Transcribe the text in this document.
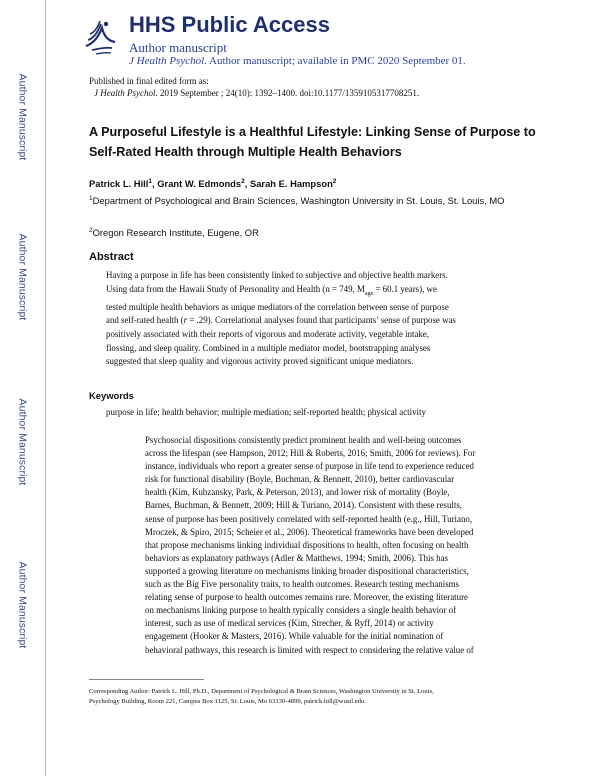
Author Manuscript
Author Manuscript
Author Manuscript
Author Manuscript
HHS Public Access
Author manuscript
J Health Psychol. Author manuscript; available in PMC 2020 September 01.
Published in final edited form as:
J Health Psychol. 2019 September ; 24(10): 1392–1400. doi:10.1177/1359105317708251.
A Purposeful Lifestyle is a Healthful Lifestyle: Linking Sense of Purpose to Self-Rated Health through Multiple Health Behaviors
Patrick L. Hill$^1$, Grant W. Edmonds$^2$, Sarah E. Hampson$^2$
$^1$Department of Psychological and Brain Sciences, Washington University in St. Louis, St. Louis, MO
$^2$Oregon Research Institute, Eugene, OR
Abstract
Having a purpose in life has been consistently linked to subjective and objective health markers.
Using data from the Hawaii Study of Personality and Health (n = 749, $M_{age} = 60.1$ years), we
tested multiple health behaviors as unique mediators of the correlation between sense of purpose
and self-rated health (r = .29). Correlational analyses found that participants’ sense of purpose was
positively associated with their reports of vigorous and moderate activity, vegetable intake,
flossing, and sleep quality. Combined in a multiple mediator model, bootstrapping analyses
suggested that sleep quality and vigorous activity proved significant unique mediators.
Keywords
purpose in life; health behavior; multiple mediation; self-reported health; physical activity
Psychosocial dispositions consistently predict prominent health and well-being outcomes
across the lifespan (see Hampson, 2012; Hill & Roberts, 2016; Smith, 2006 for reviews). For
instance, individuals who report a greater sense of purpose in life tend to experience reduced
risk for functional disability (Boyle, Buchman, & Bennett, 2010), better cardiovascular
health (Kim, Kubzansky, Park, & Peterson, 2013), and lower risk of mortality (Boyle,
Barnes, Buchman, & Bennett, 2009; Hill & Turiano, 2014). Consistent with these results,
sense of purpose has been positively correlated with self-reported health (e.g., Hill, Turiano,
Mroczek, & Spiro, 2015; Scheier et al., 2006). Theoretical frameworks have been developed
that propose mechanisms linking individual dispositions to health, often focusing on health
behaviors as explanatory pathways (Adler & Matthews, 1994; Smith, 2006). This has
supported a growing literature on mechanisms linking broader dispositional characteristics,
such as the Big Five personality traits, to health outcomes. Research testing mechanisms
relating sense of purpose to health outcomes remains rare. Moreover, the existing literature
on mechanisms linking purpose to health typically considers a single health behavior of
interest, such as use of medical services (Kim, Strecher, & Ryff, 2014) or activity
engagement (Hooker & Masters, 2016). While valuable for the initial nomination of
behavioral pathways, this research is limited with respect to considering the relative value of
Corresponding Author: Patrick L. Hill, Ph.D., Department of Psychological & Brain Sciences, Washington University in St. Louis,
Psychology Building, Room 221, Campus Box 1125, St. Louis, Mo 63130-4899, patrick.hill@wustl.edu.
